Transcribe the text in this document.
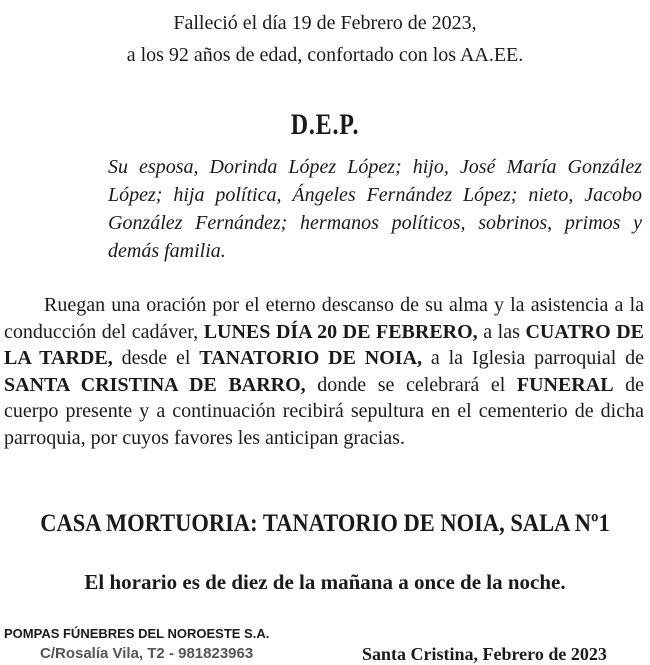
Falleció el día 19 de Febrero de 2023,
a los 92 años de edad, confortado con los AA.EE.
D.E.P.
Su esposa, Dorinda López López; hijo, José María González López; hija política, Ángeles Fernández López; nieto, Jacobo González Fernández; hermanos políticos, sobrinos, primos y demás familia.
Ruegan una oración por el eterno descanso de su alma y la asistencia a la conducción del cadáver, LUNES DÍA 20 DE FEBRERO, a las CUATRO DE LA TARDE, desde el TANATORIO DE NOIA, a la Iglesia parroquial de SANTA CRISTINA DE BARRO, donde se celebrará el FUNERAL de cuerpo presente y a continuación recibirá sepultura en el cementerio de dicha parroquia, por cuyos favores les anticipan gracias.
CASA MORTUORIA: TANATORIO DE NOIA, SALA Nº1
El horario es de diez de la mañana a once de la noche.
POMPAS FÚNEBRES DEL NOROESTE S.A.
C/Rosalía Vila, T2 - 981823963	Santa Cristina, Febrero de 2023
